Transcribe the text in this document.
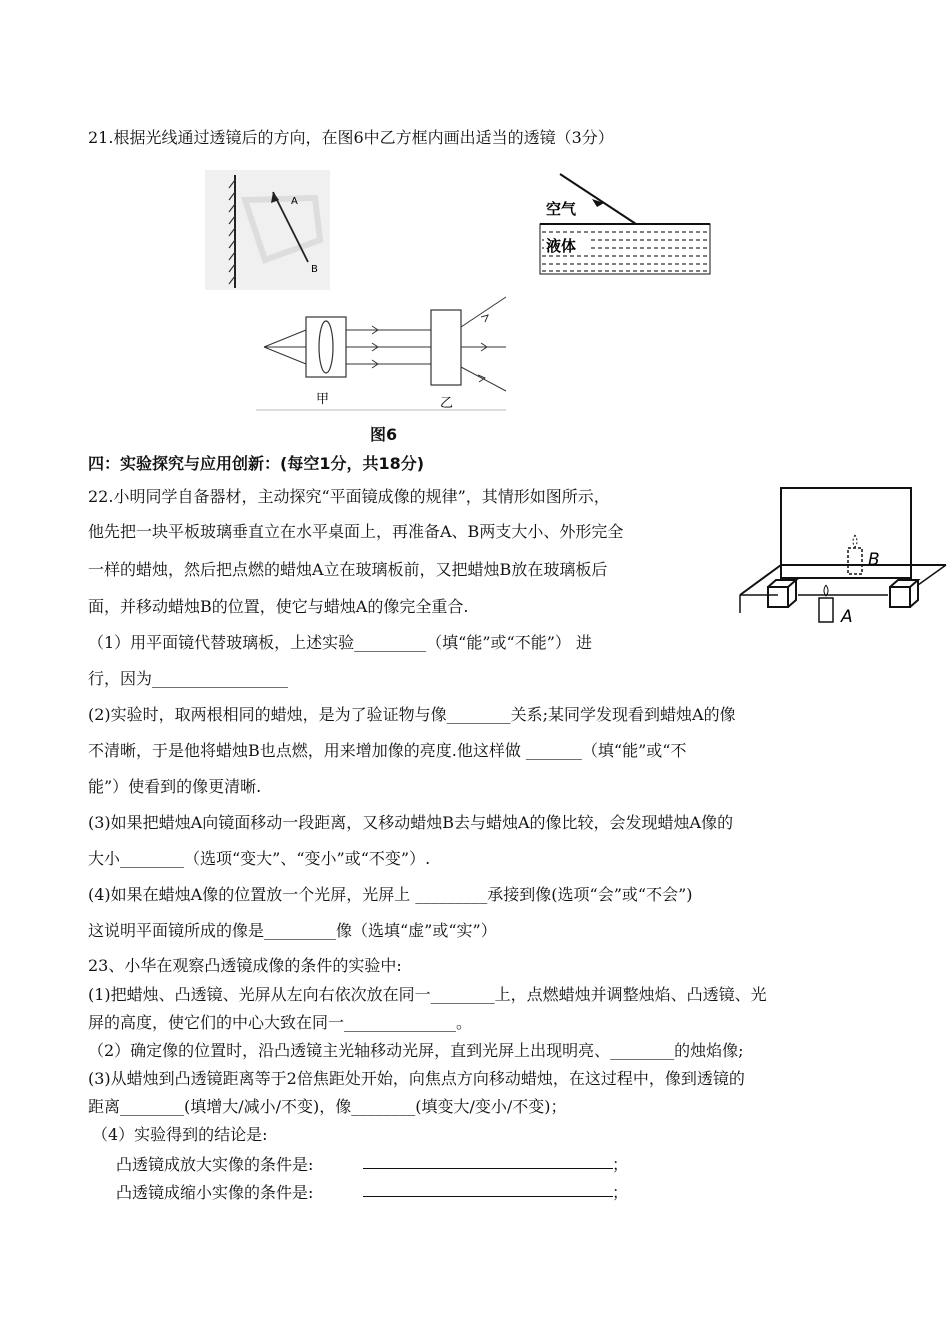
21.根据光线通过透镜后的方向，在图6中乙方框内画出适当的透镜（3分）
A
B
空气
液体
甲	乙
图6
四：实验探究与应用创新：(每空1分，共18分)
22.小明同学自备器材，主动探究“平面镜成像的规律”，其情形如图所示，
他先把一块平板玻璃垂直立在水平桌面上，再准备A、B两支大小、外形完全
一样的蜡烛，然后把点燃的蜡烛A立在玻璃板前，又把蜡烛B放在玻璃板后
面，并移动蜡烛B的位置，使它与蜡烛A的像完全重合.
（1）用平面镜代替玻璃板，上述实验_________（填“能”或“不能”） 进
行，因为_________________
(2)实验时，取两根相同的蜡烛，是为了验证物与像________关系;某同学发现看到蜡烛A的像
不清晰，于是他将蜡烛B也点燃，用来增加像的亮度.他这样做 _______（填“能”或“不
能”）使看到的像更清晰.
(3)如果把蜡烛A向镜面移动一段距离，又移动蜡烛B去与蜡烛A的像比较，会发现蜡烛A像的
大小________（选项“变大”、“变小”或“不变”）.
(4)如果在蜡烛A像的位置放一个光屏，光屏上 _________承接到像(选项“会”或“不会”)
这说明平面镜所成的像是_________像（选填“虚”或“实”）
B
A
23、小华在观察凸透镜成像的条件的实验中:
(1)把蜡烛、凸透镜、光屏从左向右依次放在同一________上，点燃蜡烛并调整烛焰、凸透镜、光
屏的高度，使它们的中心大致在同一______________。
（2）确定像的位置时，沿凸透镜主光轴移动光屏，直到光屏上出现明亮、________的烛焰像;
(3)从蜡烛到凸透镜距离等于2倍焦距处开始，向焦点方向移动蜡烛，在这过程中，像到透镜的
距离________(填增大/减小/不变)，像________(填变大/变小/不变)；
（4）实验得到的结论是:
凸透镜成放大实像的条件是:	；
凸透镜成缩小实像的条件是:	；
